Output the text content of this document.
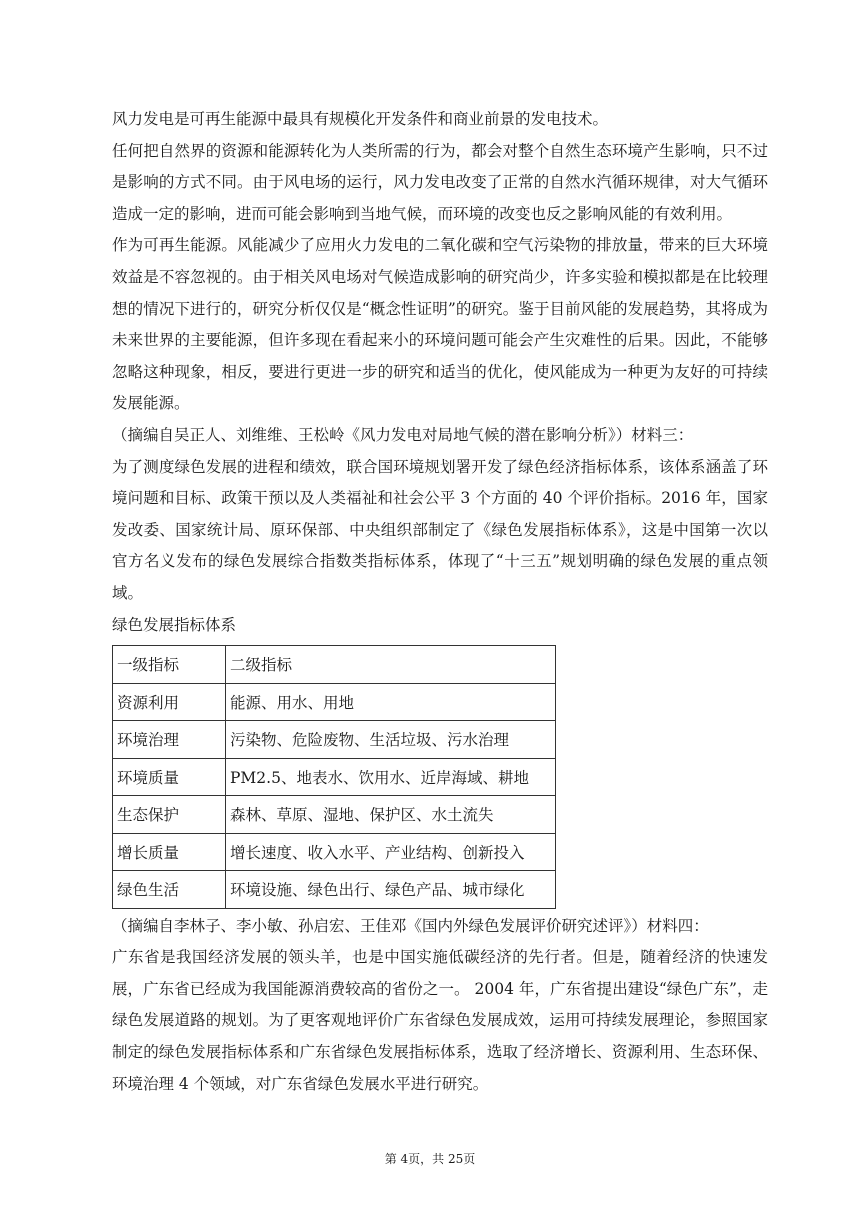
风力发电是可再生能源中最具有规模化开发条件和商业前景的发电技术。

任何把自然界的资源和能源转化为人类所需的行为，都会对整个自然生态环境产生影响，只不过是影响的方式不同。由于风电场的运行，风力发电改变了正常的自然水汽循环规律，对大气循环造成一定的影响，进而可能会影响到当地气候，而环境的改变也反之影响风能的有效利用。

作为可再生能源。风能减少了应用火力发电的二氧化碳和空气污染物的排放量，带来的巨大环境效益是不容忽视的。由于相关风电场对气候造成影响的研究尚少，许多实验和模拟都是在比较理想的情况下进行的，研究分析仅仅是“概念性证明”的研究。鉴于目前风能的发展趋势，其将成为未来世界的主要能源，但许多现在看起来小的环境问题可能会产生灾难性的后果。因此，不能够忽略这种现象，相反，要进行更进一步的研究和适当的优化，使风能成为一种更为友好的可持续发展能源。

（摘编自吴正人、刘维维、王松岭《风力发电对局地气候的潜在影响分析》）材料三：

为了测度绿色发展的进程和绩效，联合国环境规划署开发了绿色经济指标体系，该体系涵盖了环境问题和目标、政策干预以及人类福祉和社会公平 3 个方面的 40 个评价指标。2016 年，国家发改委、国家统计局、原环保部、中央组织部制定了《绿色发展指标体系》，这是中国第一次以官方名义发布的绿色发展综合指数类指标体系，体现了“十三五”规划明确的绿色发展的重点领域。

绿色发展指标体系

一级指标	二级指标
资源利用	能源、用水、用地
环境治理	污染物、危险废物、生活垃圾、污水治理
环境质量	PM2.5、地表水、饮用水、近岸海域、耕地
生态保护	森林、草原、湿地、保护区、水土流失
增长质量	增长速度、收入水平、产业结构、创新投入
绿色生活	环境设施、绿色出行、绿色产品、城市绿化

（摘编自李林子、李小敏、孙启宏、王佳邓《国内外绿色发展评价研究述评》）材料四：

广东省是我国经济发展的领头羊，也是中国实施低碳经济的先行者。但是，随着经济的快速发展，广东省已经成为我国能源消费较高的省份之一。 2004 年，广东省提出建设“绿色广东”，走绿色发展道路的规划。为了更客观地评价广东省绿色发展成效，运用可持续发展理论，参照国家制定的绿色发展指标体系和广东省绿色发展指标体系，选取了经济增长、资源利用、生态环保、环境治理 4 个领域，对广东省绿色发展水平进行研究。

第 4页，共 25页
